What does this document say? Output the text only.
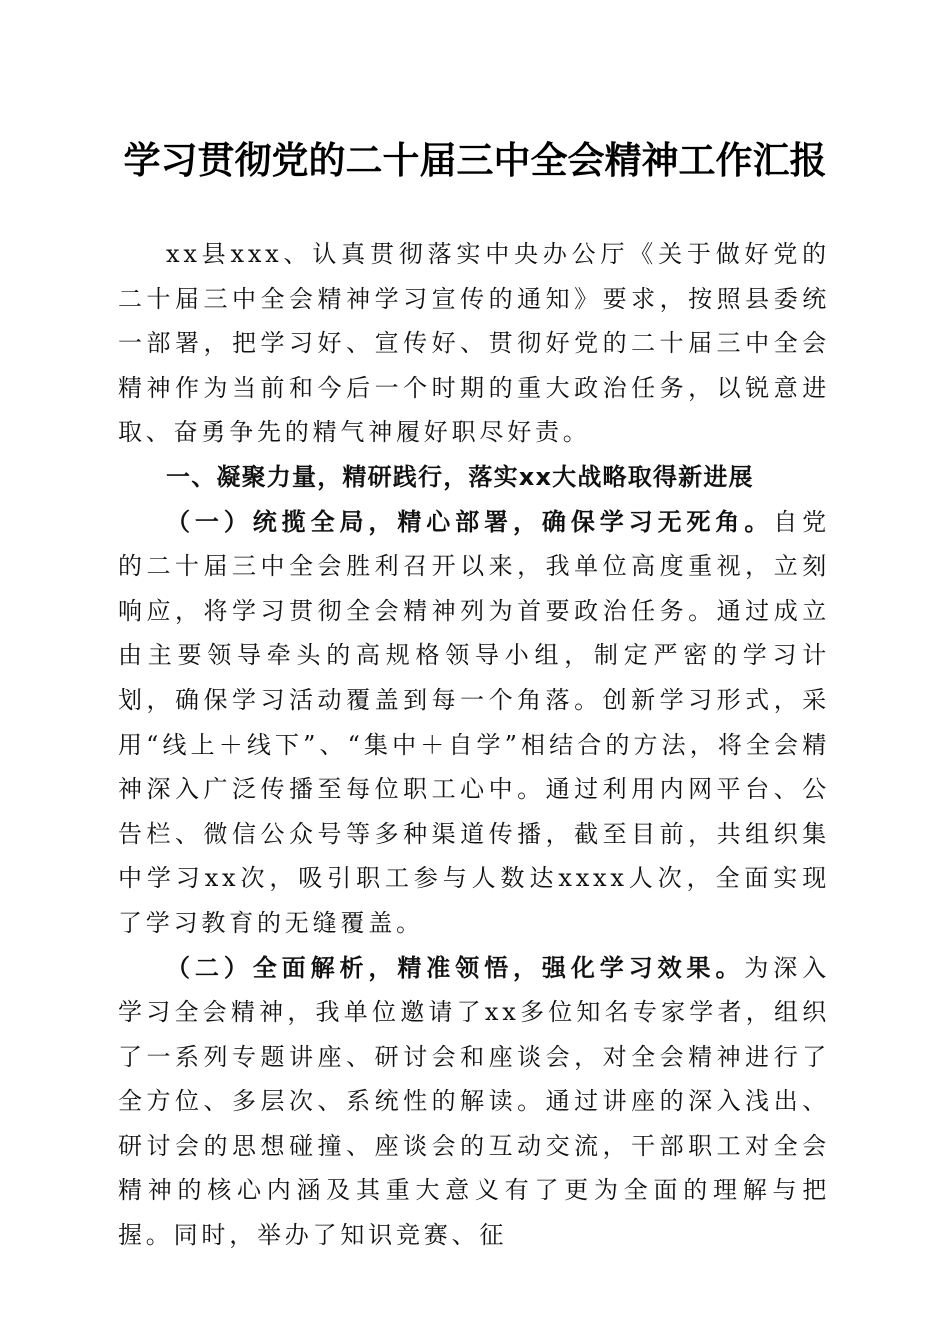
学习贯彻党的二十届三中全会精神工作汇报

xx县xxx、认真贯彻落实中央办公厅《关于做好党的二十届三中全会精神学习宣传的通知》要求，按照县委统一部署，把学习好、宣传好、贯彻好党的二十届三中全会精神作为当前和今后一个时期的重大政治任务，以锐意进取、奋勇争先的精气神履好职尽好责。

一、凝聚力量，精研践行，落实xx大战略取得新进展

（一）统揽全局，精心部署，确保学习无死角。自党的二十届三中全会胜利召开以来，我单位高度重视，立刻响应，将学习贯彻全会精神列为首要政治任务。通过成立由主要领导牵头的高规格领导小组，制定严密的学习计划，确保学习活动覆盖到每一个角落。创新学习形式，采用“线上＋线下”、“集中＋自学”相结合的方法，将全会精神深入广泛传播至每位职工心中。通过利用内网平台、公告栏、微信公众号等多种渠道传播，截至目前，共组织集中学习xx次，吸引职工参与人数达xxxx人次，全面实现了学习教育的无缝覆盖。

（二）全面解析，精准领悟，强化学习效果。为深入学习全会精神，我单位邀请了xx多位知名专家学者，组织了一系列专题讲座、研讨会和座谈会，对全会精神进行了全方位、多层次、系统性的解读。通过讲座的深入浅出、研讨会的思想碰撞、座谈会的互动交流，干部职工对全会精神的核心内涵及其重大意义有了更为全面的理解与把握。同时，举办了知识竞赛、征
